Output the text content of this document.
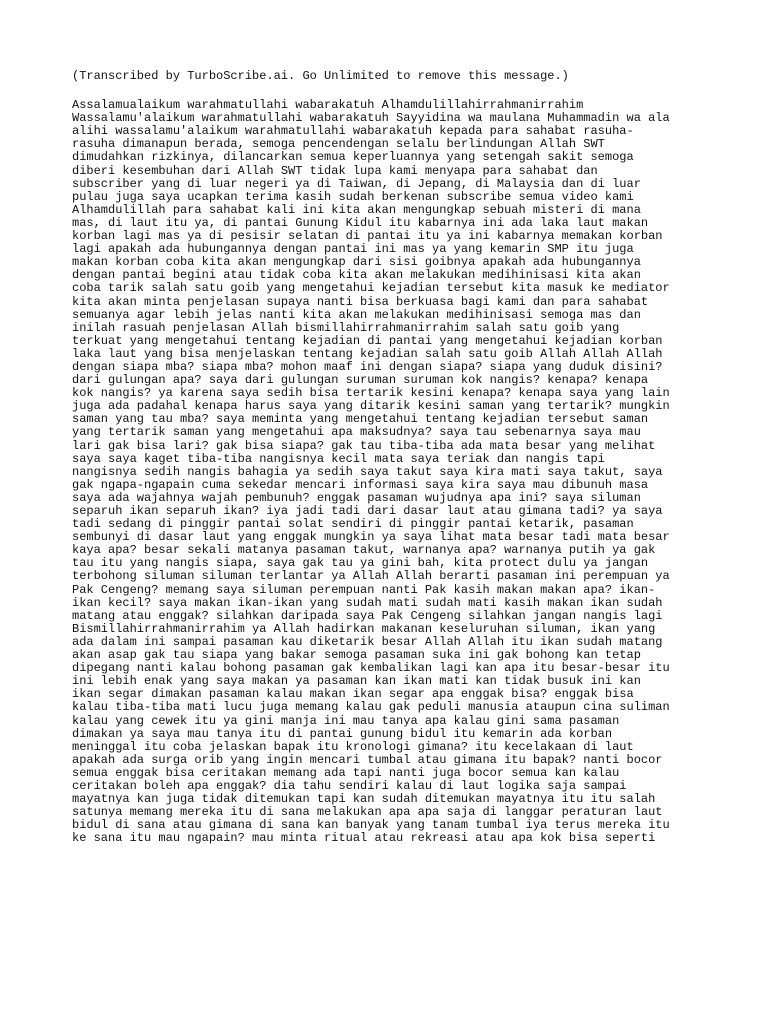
(Transcribed by TurboScribe.ai. Go Unlimited to remove this message.)

Assalamualaikum warahmatullahi wabarakatuh Alhamdulillahirrahmanirrahim
Wassalamu'alaikum warahmatullahi wabarakatuh Sayyidina wa maulana Muhammadin wa ala
alihi wassalamu'alaikum warahmatullahi wabarakatuh kepada para sahabat rasuha-
rasuha dimanapun berada, semoga pencendengan selalu berlindungan Allah SWT
dimudahkan rizkinya, dilancarkan semua keperluannya yang setengah sakit semoga
diberi kesembuhan dari Allah SWT tidak lupa kami menyapa para sahabat dan
subscriber yang di luar negeri ya di Taiwan, di Jepang, di Malaysia dan di luar
pulau juga saya ucapkan terima kasih sudah berkenan subscribe semua video kami
Alhamdulillah para sahabat kali ini kita akan mengungkap sebuah misteri di mana
mas, di laut itu ya, di pantai Gunung Kidul itu kabarnya ini ada laka laut makan
korban lagi mas ya di pesisir selatan di pantai itu ya ini kabarnya memakan korban
lagi apakah ada hubungannya dengan pantai ini mas ya yang kemarin SMP itu juga
makan korban coba kita akan mengungkap dari sisi goibnya apakah ada hubungannya
dengan pantai begini atau tidak coba kita akan melakukan medihinisasi kita akan
coba tarik salah satu goib yang mengetahui kejadian tersebut kita masuk ke mediator
kita akan minta penjelasan supaya nanti bisa berkuasa bagi kami dan para sahabat
semuanya agar lebih jelas nanti kita akan melakukan medihinisasi semoga mas dan
inilah rasuah penjelasan Allah bismillahirrahmanirrahim salah satu goib yang
terkuat yang mengetahui tentang kejadian di pantai yang mengetahui kejadian korban
laka laut yang bisa menjelaskan tentang kejadian salah satu goib Allah Allah Allah
dengan siapa mba? siapa mba? mohon maaf ini dengan siapa? siapa yang duduk disini?
dari gulungan apa? saya dari gulungan suruman suruman kok nangis? kenapa? kenapa
kok nangis? ya karena saya sedih bisa tertarik kesini kenapa? kenapa saya yang lain
juga ada padahal kenapa harus saya yang ditarik kesini saman yang tertarik? mungkin
saman yang tau mba? saya meminta yang mengetahui tentang kejadian tersebut saman
yang tertarik saman yang mengetahui apa maksudnya? saya tau sebenarnya saya mau
lari gak bisa lari? gak bisa siapa? gak tau tiba-tiba ada mata besar yang melihat
saya saya kaget tiba-tiba nangisnya kecil mata saya teriak dan nangis tapi
nangisnya sedih nangis bahagia ya sedih saya takut saya kira mati saya takut, saya
gak ngapa-ngapain cuma sekedar mencari informasi saya kira saya mau dibunuh masa
saya ada wajahnya wajah pembunuh? enggak pasaman wujudnya apa ini? saya siluman
separuh ikan separuh ikan? iya jadi tadi dari dasar laut atau gimana tadi? ya saya
tadi sedang di pinggir pantai solat sendiri di pinggir pantai ketarik, pasaman
sembunyi di dasar laut yang enggak mungkin ya saya lihat mata besar tadi mata besar
kaya apa? besar sekali matanya pasaman takut, warnanya apa? warnanya putih ya gak
tau itu yang nangis siapa, saya gak tau ya gini bah, kita protect dulu ya jangan
terbohong siluman siluman terlantar ya Allah Allah berarti pasaman ini perempuan ya
Pak Cengeng? memang saya siluman perempuan nanti Pak kasih makan makan apa? ikan-
ikan kecil? saya makan ikan-ikan yang sudah mati sudah mati kasih makan ikan sudah
matang atau enggak? silahkan daripada saya Pak Cengeng silahkan jangan nangis lagi
Bismillahirrahmanirrahim ya Allah hadirkan makanan keseluruhan siluman, ikan yang
ada dalam ini sampai pasaman kau diketarik besar Allah Allah itu ikan sudah matang
akan asap gak tau siapa yang bakar semoga pasaman suka ini gak bohong kan tetap
dipegang nanti kalau bohong pasaman gak kembalikan lagi kan apa itu besar-besar itu
ini lebih enak yang saya makan ya pasaman kan ikan mati kan tidak busuk ini kan
ikan segar dimakan pasaman kalau makan ikan segar apa enggak bisa? enggak bisa
kalau tiba-tiba mati lucu juga memang kalau gak peduli manusia ataupun cina suliman
kalau yang cewek itu ya gini manja ini mau tanya apa kalau gini sama pasaman
dimakan ya saya mau tanya itu di pantai gunung bidul itu kemarin ada korban
meninggal itu coba jelaskan bapak itu kronologi gimana? itu kecelakaan di laut
apakah ada surga orib yang ingin mencari tumbal atau gimana itu bapak? nanti bocor
semua enggak bisa ceritakan memang ada tapi nanti juga bocor semua kan kalau
ceritakan boleh apa enggak? dia tahu sendiri kalau di laut logika saja sampai
mayatnya kan juga tidak ditemukan tapi kan sudah ditemukan mayatnya itu itu salah
satunya memang mereka itu di sana melakukan apa apa saja di langgar peraturan laut
bidul di sana atau gimana di sana kan banyak yang tanam tumbal iya terus mereka itu
ke sana itu mau ngapain? mau minta ritual atau rekreasi atau apa kok bisa seperti
